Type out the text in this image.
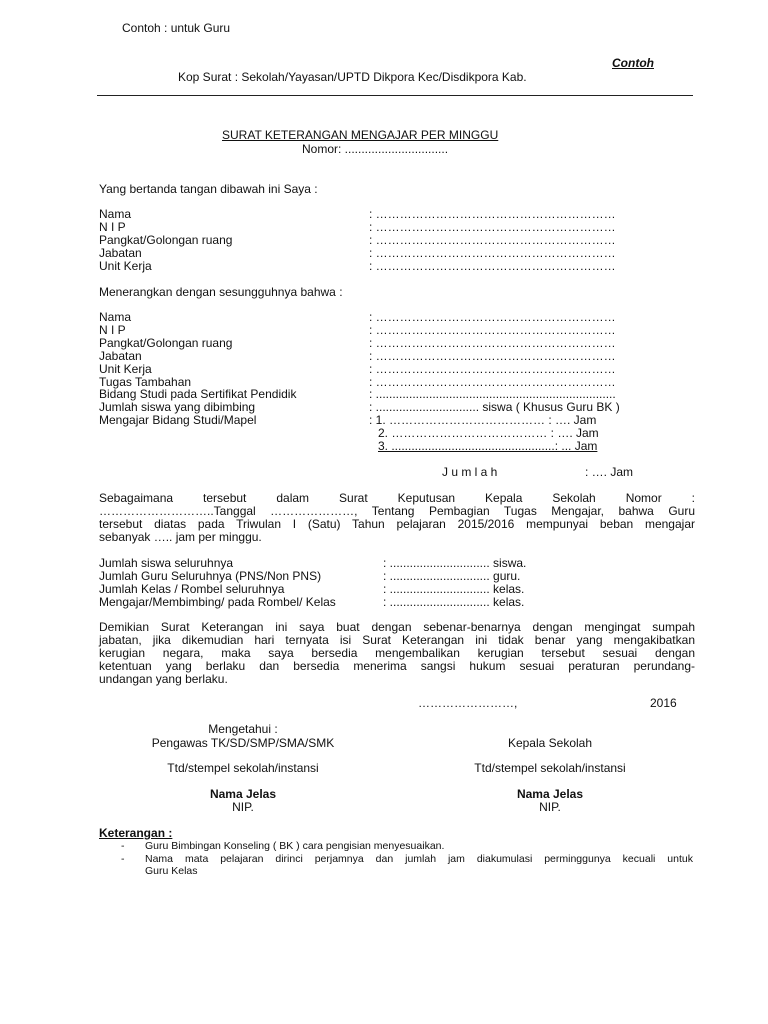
Contoh : untuk Guru
Contoh
Kop Surat : Sekolah/Yayasan/UPTD Dikpora Kec/Disdikpora Kab.
SURAT KETERANGAN MENGAJAR PER MINGGU
Nomor: ...............................
Yang bertanda tangan dibawah ini Saya :
Nama	: ……………………………………………………
N I P	: ……………………………………………………
Pangkat/Golongan ruang	: ……………………………………………………
Jabatan	: ……………………………………………………
Unit Kerja	: ……………………………………………………
Menerangkan dengan sesungguhnya bahwa :
Nama	: ……………………………………………………
N I P	: ……………………………………………………
Pangkat/Golongan ruang	: ……………………………………………………
Jabatan	: ……………………………………………………
Unit Kerja	: ……………………………………………………
Tugas Tambahan	: ……………………………………………………
Bidang Studi pada Sertifikat Pendidik	: ........................................................................
Jumlah siswa yang dibimbing	: ............................... siswa ( Khusus Guru BK )
Mengajar Bidang Studi/Mapel	: 1. ………………………………… : …. Jam
2. ………………………………… : …. Jam
3. .................................................: ... Jam
J u m l a h	: …. Jam
Sebagaimana tersebut dalam Surat Keputusan Kepala Sekolah Nomor :
………………………..Tanggal …………………, Tentang Pembagian Tugas Mengajar, bahwa Guru
tersebut diatas pada Triwulan I (Satu) Tahun pelajaran 2015/2016 mempunyai beban mengajar
sebanyak ….. jam per minggu.
Jumlah siswa seluruhnya	: .............................. siswa.
Jumlah Guru Seluruhnya (PNS/Non PNS)	: .............................. guru.
Jumlah Kelas / Rombel seluruhnya	: .............................. kelas.
Mengajar/Membimbing/ pada Rombel/ Kelas	: .............................. kelas.
Demikian Surat Keterangan ini saya buat dengan sebenar-benarnya dengan mengingat sumpah
jabatan, jika dikemudian hari ternyata isi Surat Keterangan ini tidak benar yang mengakibatkan
kerugian negara, maka saya bersedia mengembalikan kerugian tersebut sesuai dengan
ketentuan yang berlaku dan bersedia menerima sangsi hukum sesuai peraturan perundang-
undangan yang berlaku.
……………………,	2016
Mengetahui :
Pengawas TK/SD/SMP/SMA/SMK	Kepala Sekolah
Ttd/stempel sekolah/instansi	Ttd/stempel sekolah/instansi
Nama Jelas	Nama Jelas
NIP.	NIP.
Keterangan :
- Guru Bimbingan Konseling ( BK ) cara pengisian menyesuaikan.
- Nama mata pelajaran dirinci perjamnya dan jumlah jam diakumulasi perminggunya kecuali untuk
Guru Kelas
